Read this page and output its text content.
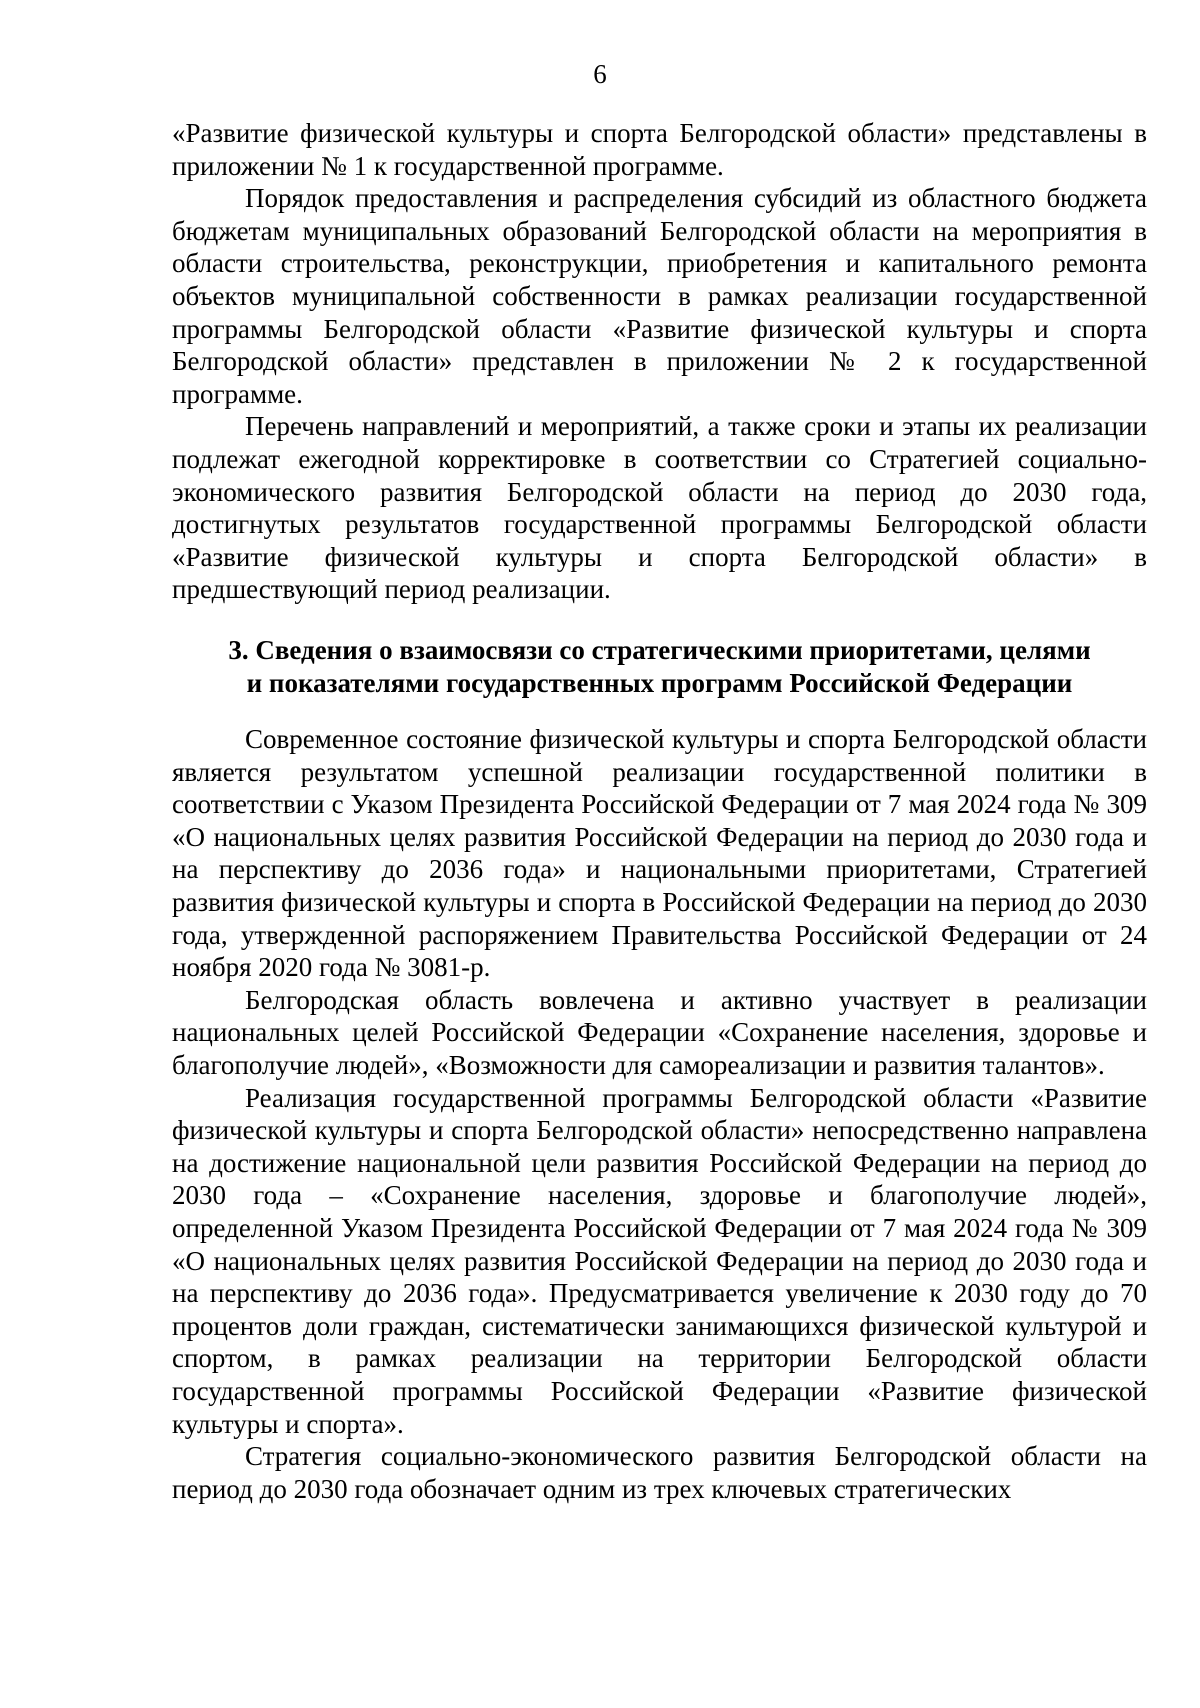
6

«Развитие физической культуры и спорта Белгородской области» представлены в приложении № 1 к государственной программе.

Порядок предоставления и распределения субсидий из областного бюджета бюджетам муниципальных образований Белгородской области на мероприятия в области строительства, реконструкции, приобретения и капитального ремонта объектов муниципальной собственности в рамках реализации государственной программы Белгородской области «Развитие физической культуры и спорта Белгородской области» представлен в приложении № 2 к государственной программе.

Перечень направлений и мероприятий, а также сроки и этапы их реализации подлежат ежегодной корректировке в соответствии со Стратегией социально-экономического развития Белгородской области на период до 2030 года, достигнутых результатов государственной программы Белгородской области «Развитие физической культуры и спорта Белгородской области» в предшествующий период реализации.

3. Сведения о взаимосвязи со стратегическими приоритетами, целями
и показателями государственных программ Российской Федерации

Современное состояние физической культуры и спорта Белгородской области является результатом успешной реализации государственной политики в соответствии с Указом Президента Российской Федерации от 7 мая 2024 года № 309 «О национальных целях развития Российской Федерации на период до 2030 года и на перспективу до 2036 года» и национальными приоритетами, Стратегией развития физической культуры и спорта в Российской Федерации на период до 2030 года, утвержденной распоряжением Правительства Российской Федерации от 24 ноября 2020 года № 3081-р.

Белгородская область вовлечена и активно участвует в реализации национальных целей Российской Федерации «Сохранение населения, здоровье и благополучие людей», «Возможности для самореализации и развития талантов».

Реализация государственной программы Белгородской области «Развитие физической культуры и спорта Белгородской области» непосредственно направлена на достижение национальной цели развития Российской Федерации на период до 2030 года – «Сохранение населения, здоровье и благополучие людей», определенной Указом Президента Российской Федерации от 7 мая 2024 года № 309 «О национальных целях развития Российской Федерации на период до 2030 года и на перспективу до 2036 года». Предусматривается увеличение к 2030 году до 70 процентов доли граждан, систематически занимающихся физической культурой и спортом, в рамках реализации на территории Белгородской области государственной программы Российской Федерации «Развитие физической культуры и спорта».

Стратегия социально-экономического развития Белгородской области на период до 2030 года обозначает одним из трех ключевых стратегических
